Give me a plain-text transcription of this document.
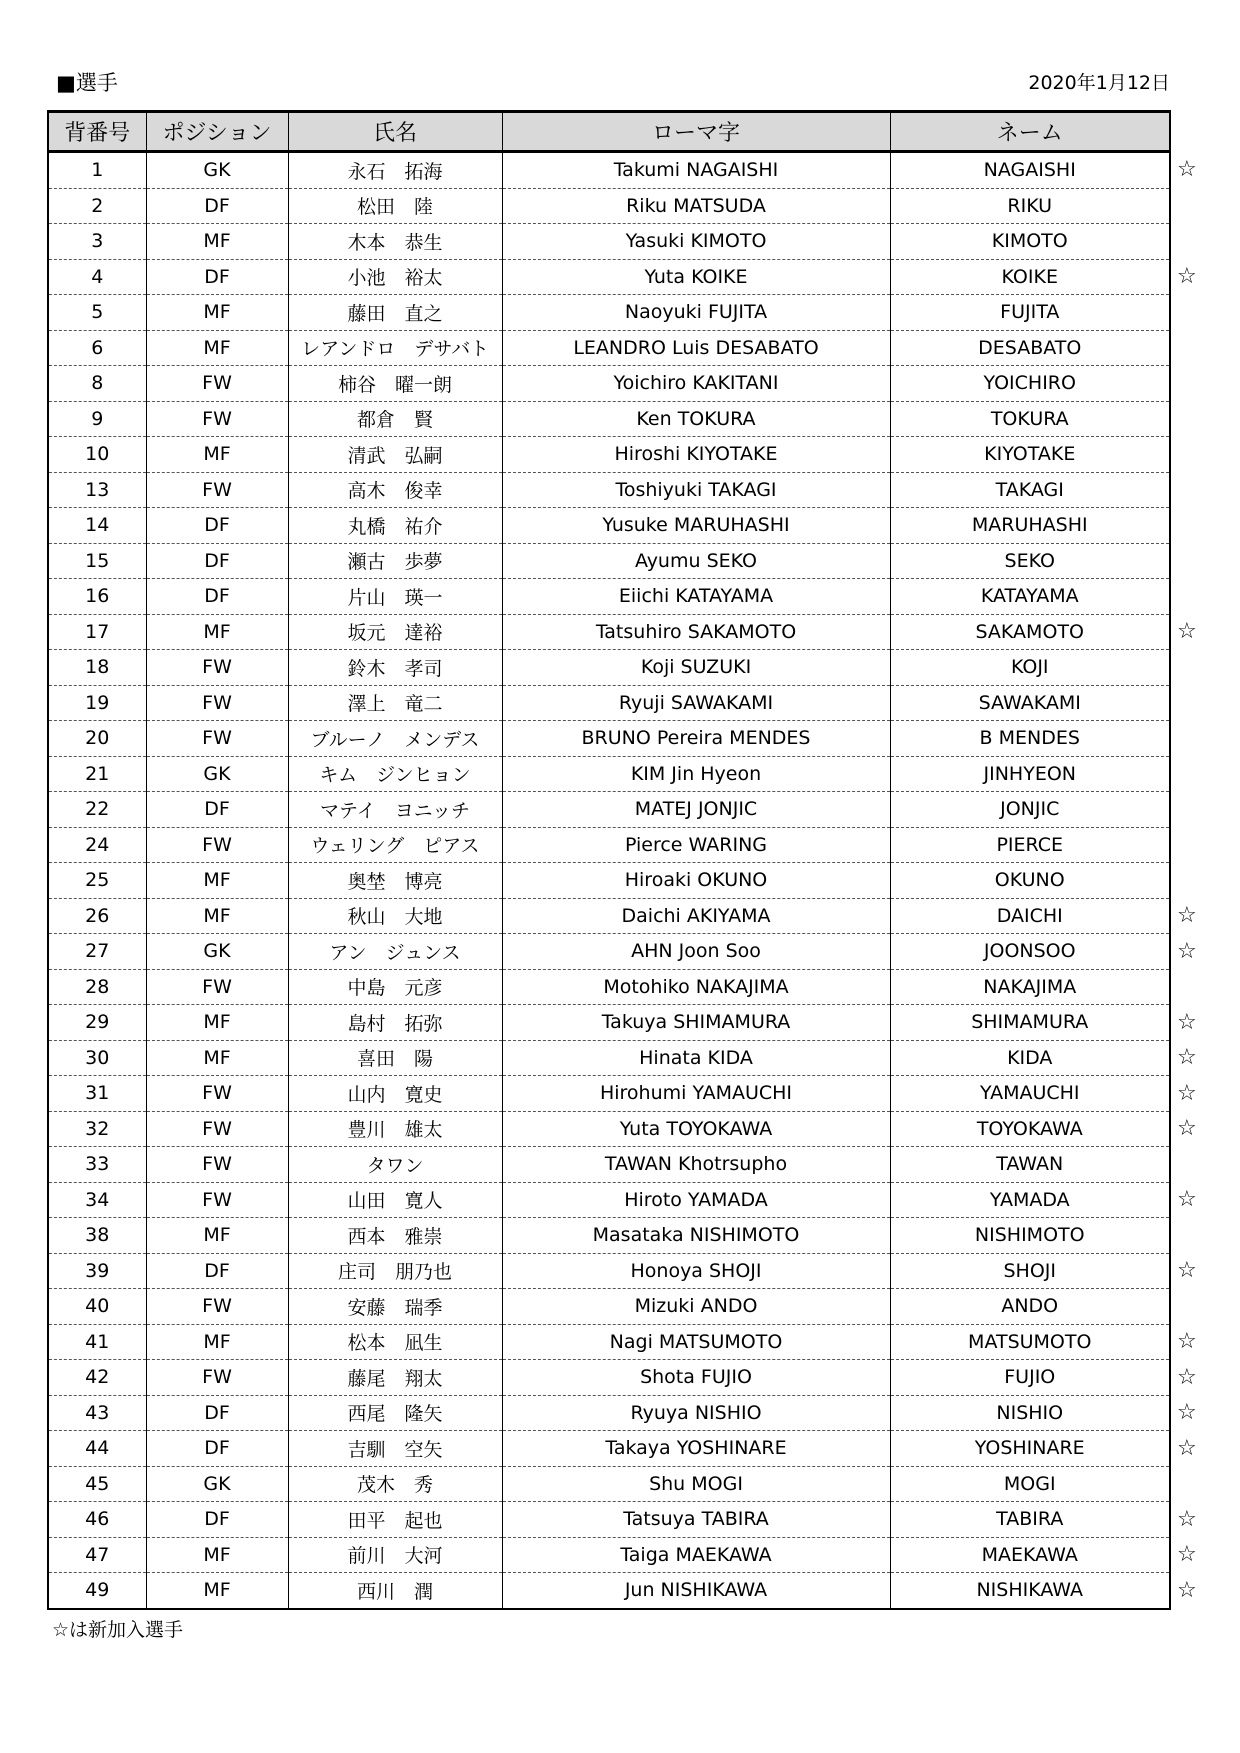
■選手	2020年1月12日
背番号	ポジション	氏名	ローマ字	ネーム	
1	GK	永石　拓海	Takumi NAGAISHI	NAGAISHI	☆
2	DF	松田　陸	Riku MATSUDA	RIKU	
3	MF	木本　恭生	Yasuki KIMOTO	KIMOTO	
4	DF	小池　裕太	Yuta KOIKE	KOIKE	☆
5	MF	藤田　直之	Naoyuki FUJITA	FUJITA	
6	MF	レアンドロ　デサバト	LEANDRO Luis DESABATO	DESABATO	
8	FW	柿谷　曜一朗	Yoichiro KAKITANI	YOICHIRO	
9	FW	都倉　賢	Ken TOKURA	TOKURA	
10	MF	清武　弘嗣	Hiroshi KIYOTAKE	KIYOTAKE	
13	FW	高木　俊幸	Toshiyuki TAKAGI	TAKAGI	
14	DF	丸橋　祐介	Yusuke MARUHASHI	MARUHASHI	
15	DF	瀬古　歩夢	Ayumu SEKO	SEKO	
16	DF	片山　瑛一	Eiichi KATAYAMA	KATAYAMA	
17	MF	坂元　達裕	Tatsuhiro SAKAMOTO	SAKAMOTO	☆
18	FW	鈴木　孝司	Koji SUZUKI	KOJI	
19	FW	澤上　竜二	Ryuji SAWAKAMI	SAWAKAMI	
20	FW	ブルーノ　メンデス	BRUNO Pereira MENDES	B MENDES	
21	GK	キム　ジンヒョン	KIM Jin Hyeon	JINHYEON	
22	DF	マテイ　ヨニッチ	MATEJ JONJIC	JONJIC	
24	FW	ウェリング　ピアス	Pierce WARING	PIERCE	
25	MF	奥埜　博亮	Hiroaki OKUNO	OKUNO	
26	MF	秋山　大地	Daichi AKIYAMA	DAICHI	☆
27	GK	アン　ジュンス	AHN Joon Soo	JOONSOO	☆
28	FW	中島　元彦	Motohiko NAKAJIMA	NAKAJIMA	
29	MF	島村　拓弥	Takuya SHIMAMURA	SHIMAMURA	☆
30	MF	喜田　陽	Hinata KIDA	KIDA	☆
31	FW	山内　寛史	Hirohumi YAMAUCHI	YAMAUCHI	☆
32	FW	豊川　雄太	Yuta TOYOKAWA	TOYOKAWA	☆
33	FW	タワン	TAWAN Khotrsupho	TAWAN	
34	FW	山田　寛人	Hiroto YAMADA	YAMADA	☆
38	MF	西本　雅崇	Masataka NISHIMOTO	NISHIMOTO	
39	DF	庄司　朋乃也	Honoya SHOJI	SHOJI	☆
40	FW	安藤　瑞季	Mizuki ANDO	ANDO	
41	MF	松本　凪生	Nagi MATSUMOTO	MATSUMOTO	☆
42	FW	藤尾　翔太	Shota FUJIO	FUJIO	☆
43	DF	西尾　隆矢	Ryuya NISHIO	NISHIO	☆
44	DF	吉馴　空矢	Takaya YOSHINARE	YOSHINARE	☆
45	GK	茂木　秀	Shu MOGI	MOGI	
46	DF	田平　起也	Tatsuya TABIRA	TABIRA	☆
47	MF	前川　大河	Taiga MAEKAWA	MAEKAWA	☆
49	MF	西川　潤	Jun NISHIKAWA	NISHIKAWA	☆
☆は新加入選手
